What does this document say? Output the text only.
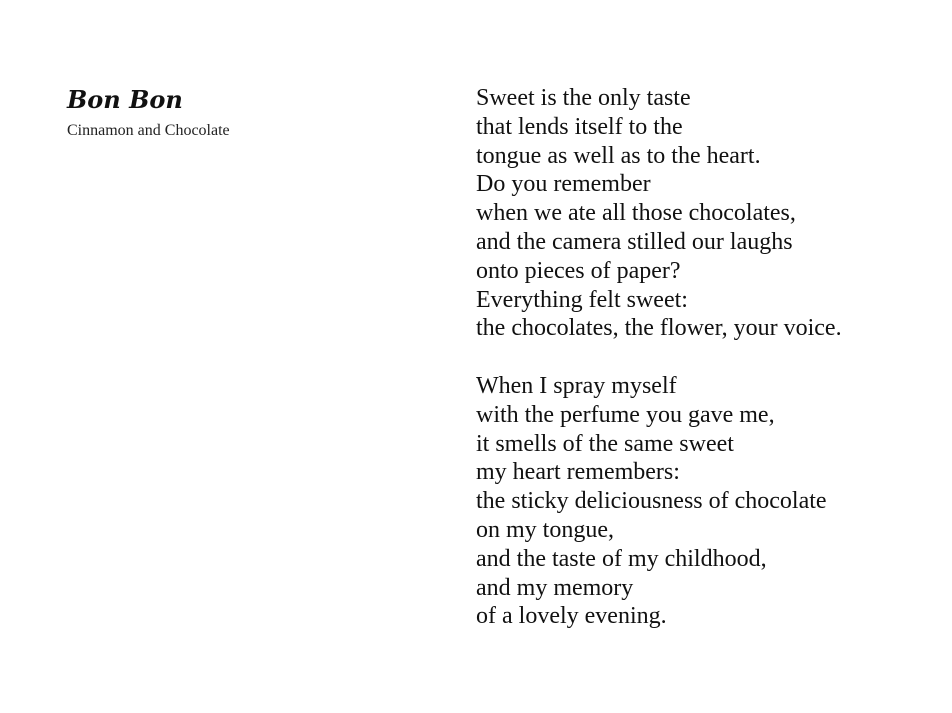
Bon Bon

Cinnamon and Chocolate

Sweet is the only taste
that lends itself to the
tongue as well as to the heart.
Do you remember
when we ate all those chocolates,
and the camera stilled our laughs
onto pieces of paper?
Everything felt sweet:
the chocolates, the flower, your voice.

When I spray myself
with the perfume you gave me,
it smells of the same sweet
my heart remembers:
the sticky deliciousness of chocolate
on my tongue,
and the taste of my childhood,
and my memory
of a lovely evening.
